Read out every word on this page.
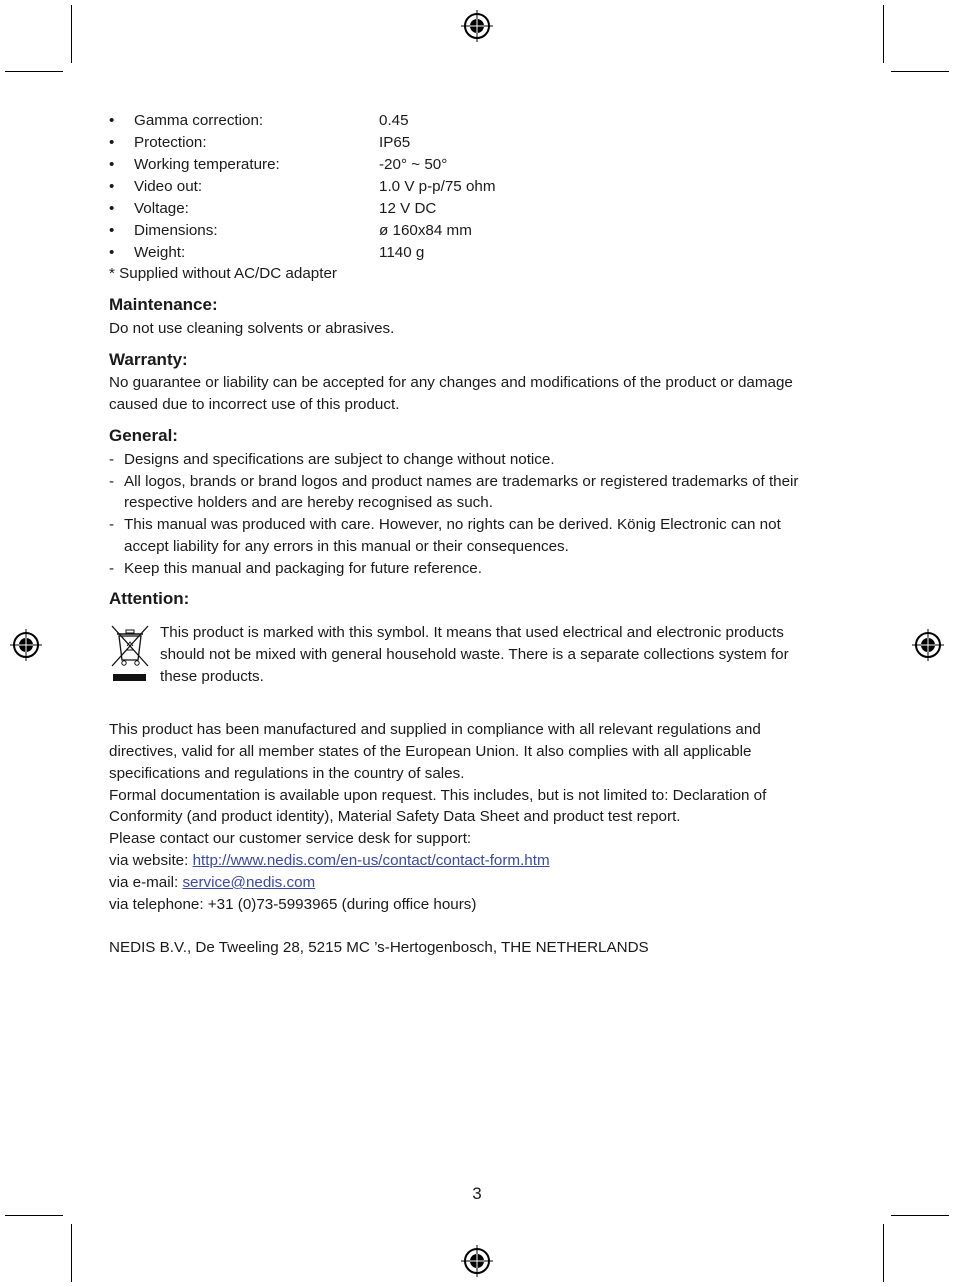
• Gamma correction:	0.45
• Protection:	IP65
• Working temperature:	-20° ~ 50°
• Video out:	1.0 V p-p/75 ohm
• Voltage:	12 V DC
• Dimensions:	ø 160x84 mm
• Weight:	1140 g
* Supplied without AC/DC adapter
Maintenance:
Do not use cleaning solvents or abrasives.
Warranty:
No guarantee or liability can be accepted for any changes and modifications of the product or damage
caused due to incorrect use of this product.
General:
- Designs and specifications are subject to change without notice.
- All logos, brands or brand logos and product names are trademarks or registered trademarks of their
respective holders and are hereby recognised as such.
- This manual was produced with care. However, no rights can be derived. König Electronic can not
accept liability for any errors in this manual or their consequences.
- Keep this manual and packaging for future reference.
Attention:
This product is marked with this symbol. It means that used electrical and electronic products
should not be mixed with general household waste. There is a separate collections system for
these products.
This product has been manufactured and supplied in compliance with all relevant regulations and
directives, valid for all member states of the European Union. It also complies with all applicable
specifications and regulations in the country of sales.
Formal documentation is available upon request. This includes, but is not limited to: Declaration of
Conformity (and product identity), Material Safety Data Sheet and product test report.
Please contact our customer service desk for support:
via website: http://www.nedis.com/en-us/contact/contact-form.htm
via e-mail: service@nedis.com
via telephone: +31 (0)73-5993965 (during office hours)
NEDIS B.V., De Tweeling 28, 5215 MC ’s-Hertogenbosch, THE NETHERLANDS
3
